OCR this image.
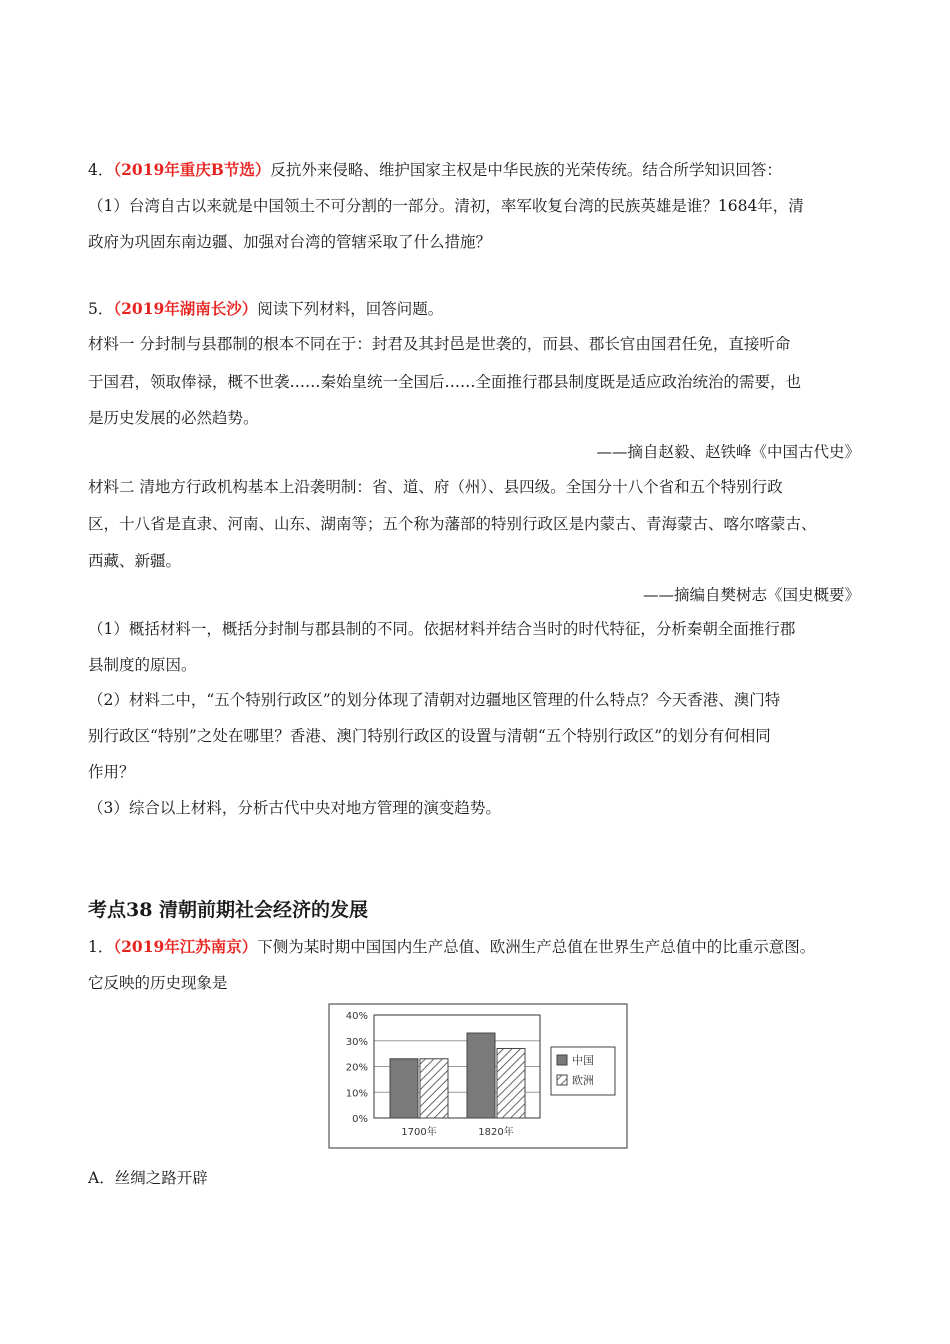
4．（2019年重庆B节选）反抗外来侵略、维护国家主权是中华民族的光荣传统。结合所学知识回答：
（1）台湾自古以来就是中国领土不可分割的一部分。清初，率军收复台湾的民族英雄是谁？1684年，清
政府为巩固东南边疆、加强对台湾的管辖采取了什么措施？
5．（2019年湖南长沙）阅读下列材料，回答问题。
材料一 分封制与县郡制的根本不同在于：封君及其封邑是世袭的，而县、郡长官由国君任免，直接听命
于国君，领取俸禄，概不世袭……秦始皇统一全国后……全面推行郡县制度既是适应政治统治的需要，也
是历史发展的必然趋势。
——摘自赵毅、赵铁峰《中国古代史》
材料二 清地方行政机构基本上沿袭明制：省、道、府（州）、县四级。全国分十八个省和五个特别行政
区，十八省是直隶、河南、山东、湖南等；五个称为藩部的特别行政区是内蒙古、青海蒙古、喀尔喀蒙古、
西藏、新疆。
——摘编自樊树志《国史概要》
（1）概括材料一，概括分封制与郡县制的不同。依据材料并结合当时的时代特征，分析秦朝全面推行郡
县制度的原因。
（2）材料二中，“五个特别行政区”的划分体现了清朝对边疆地区管理的什么特点？今天香港、澳门特
别行政区“特别”之处在哪里？香港、澳门特别行政区的设置与清朝“五个特别行政区”的划分有何相同
作用？
（3）综合以上材料，分析古代中央对地方管理的演变趋势。
考点38 清朝前期社会经济的发展
1．（2019年江苏南京）下侧为某时期中国国内生产总值、欧洲生产总值在世界生产总值中的比重示意图。
它反映的历史现象是
0%
10%
20%
30%
40%
1700年	1820年
中国
欧洲
A．丝绸之路开辟
